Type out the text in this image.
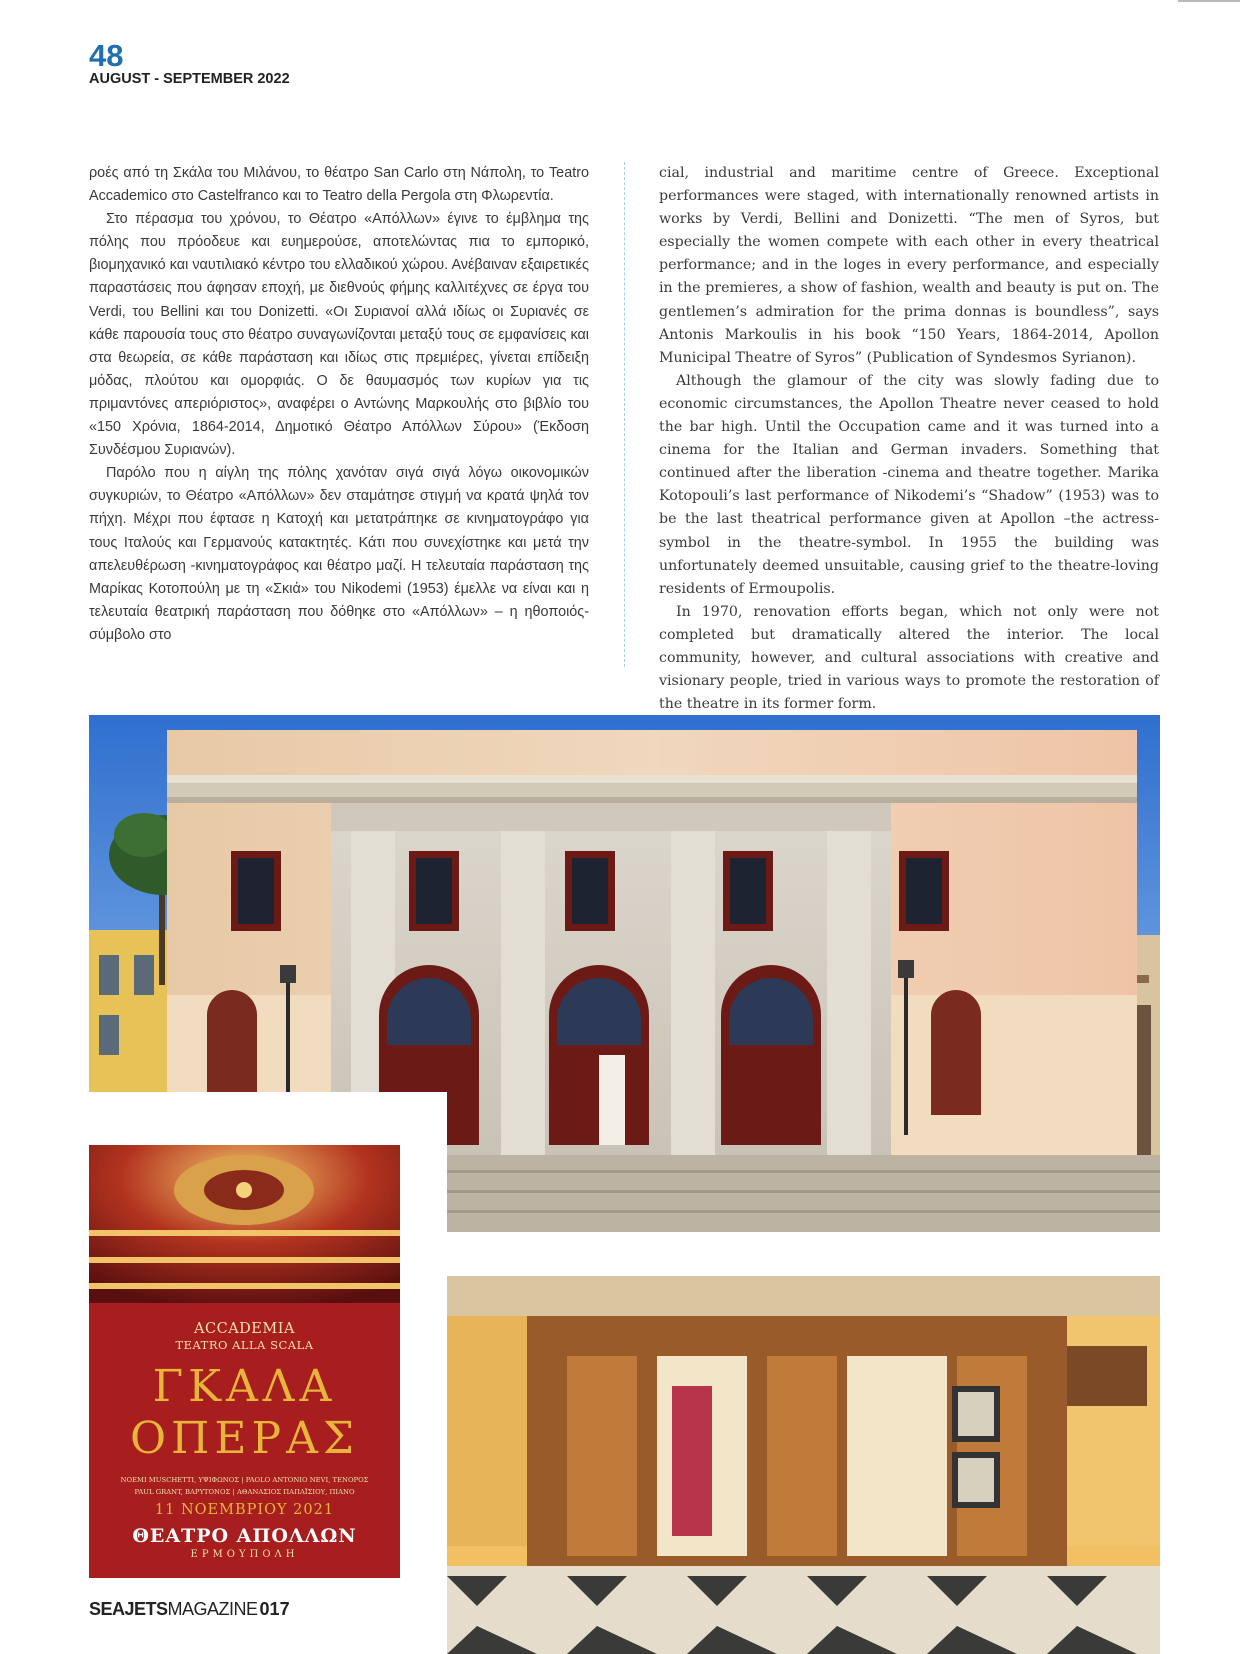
48
AUGUST - SEPTEMBER 2022

ροές από τη Σκάλα του Μιλάνου, το θέατρο San Carlo στη Νάπολη, το Teatro Accademico στο Castelfranco και το Teatro della Pergola στη Φλωρεντία.

Στο πέρασμα του χρόνου, το Θέατρο «Απόλλων» έγινε το έμβλημα της πόλης που πρόοδευε και ευημερούσε, αποτελώντας πια το εμπορικό, βιομηχανικό και ναυτιλιακό κέντρο του ελλαδικού χώρου. Ανέβαιναν εξαιρετικές παραστάσεις που άφησαν εποχή, με διεθνούς φήμης καλλιτέχνες σε έργα του Verdi, του Bellini και του Donizetti. «Οι Συριανοί αλλά ιδίως οι Συριανές σε κάθε παρουσία τους στο θέατρο συναγωνίζονται μεταξύ τους σε εμφανίσεις και στα θεωρεία, σε κάθε παράσταση και ιδίως στις πρεμιέρες, γίνεται επίδειξη μόδας, πλούτου και ομορφιάς. Ο δε θαυμασμός των κυρίων για τις πριμαντόνες απεριόριστος», αναφέρει ο Αντώνης Μαρκουλής στο βιβλίο του «150 Χρόνια, 1864-2014, Δημοτικό Θέατρο Απόλλων Σύρου» (Έκδοση Συνδέσμου Συριανών).

Παρόλο που η αίγλη της πόλης χανόταν σιγά σιγά λόγω οικονομικών συγκυριών, το Θέατρο «Απόλλων» δεν σταμάτησε στιγμή να κρατά ψηλά τον πήχη. Μέχρι που έφτασε η Κατοχή και μετατράπηκε σε κινηματογράφο για τους Ιταλούς και Γερμανούς κατακτητές. Κάτι που συνεχίστηκε και μετά την απελευθέρωση -κινηματογράφος και θέατρο μαζί. Η τελευταία παράσταση της Μαρίκας Κοτοπούλη με τη «Σκιά» του Nikodemi (1953) έμελλε να είναι και η τελευταία θεατρική παράσταση που δόθηκε στο «Απόλλων» – η ηθοποιός-σύμβολο στο

cial, industrial and maritime centre of Greece. Exceptional performances were staged, with internationally renowned artists in works by Verdi, Bellini and Donizetti. “The men of Syros, but especially the women compete with each other in every theatrical performance; and in the loges in every performance, and especially in the premieres, a show of fashion, wealth and beauty is put on. The gentlemen’s admiration for the prima donnas is boundless”, says Antonis Markoulis in his book “150 Years, 1864-2014, Apollon Municipal Theatre of Syros” (Publication of Syndesmos Syrianon).

Although the glamour of the city was slowly fading due to economic circumstances, the Apollon Theatre never ceased to hold the bar high. Until the Occupation came and it was turned into a cinema for the Italian and German invaders. Something that continued after the liberation -cinema and theatre together. Marika Kotopouli’s last performance of Nikodemi’s “Shadow” (1953) was to be the last theatrical performance given at Apollon –the actress-symbol in the theatre-symbol. In 1955 the building was unfortunately deemed unsuitable, causing grief to the theatre-loving residents of Ermoupolis.

In 1970, renovation efforts began, which not only were not completed but dramatically altered the interior. The local community, however, and cultural associations with creative and visionary people, tried in various ways to promote the restoration of the theatre in its former form.

ACCADEMIA
TEATRO ALLA SCALA
ΓΚΑΛΑ
ΟΠΕΡΑΣ
NOEMI MUSCHETTI, ΥΨΙΦΩΝΟΣ | PAOLO ANTONIO NEVI, ΤΕΝΟΡΟΣ
PAUL GRANT, ΒΑΡΥΤΟΝΟΣ | ΑΘΑΝΑΣΙΟΣ ΠΑΠΑΪΣΙΟΥ, ΠΙΑΝΟ
11 ΝΟΕΜΒΡΙΟΥ 2021
ΘΕΑΤΡΟ ΑΠΟΛΛΩΝ
ΕΡΜΟΥΠΟΛΗ
SEAJETSMAGAZINE 017
